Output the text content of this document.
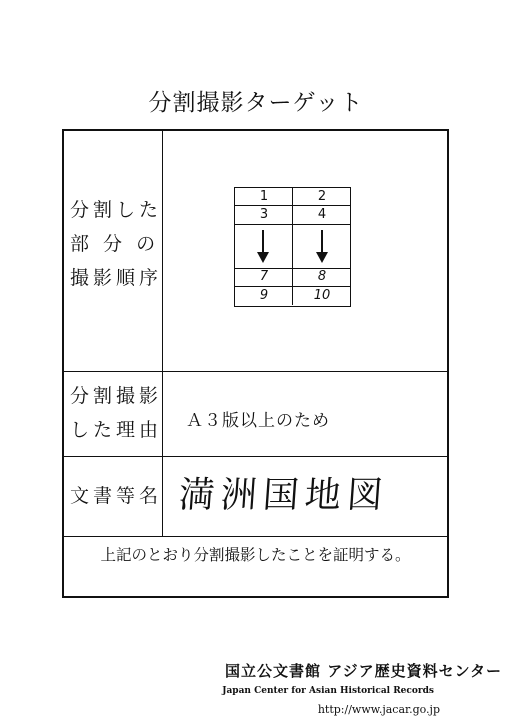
分割撮影ターゲット
分割した
部 分 の
撮影順序
1	2
3	4
7	8
9	10
分割撮影
した理由 Ａ３版以上のため
文書等名 満洲国地図
上記のとおり分割撮影したことを証明する。
国立公文書館 アジア歴史資料センター
Japan Center for Asian Historical Records
http://www.jacar.go.jp
